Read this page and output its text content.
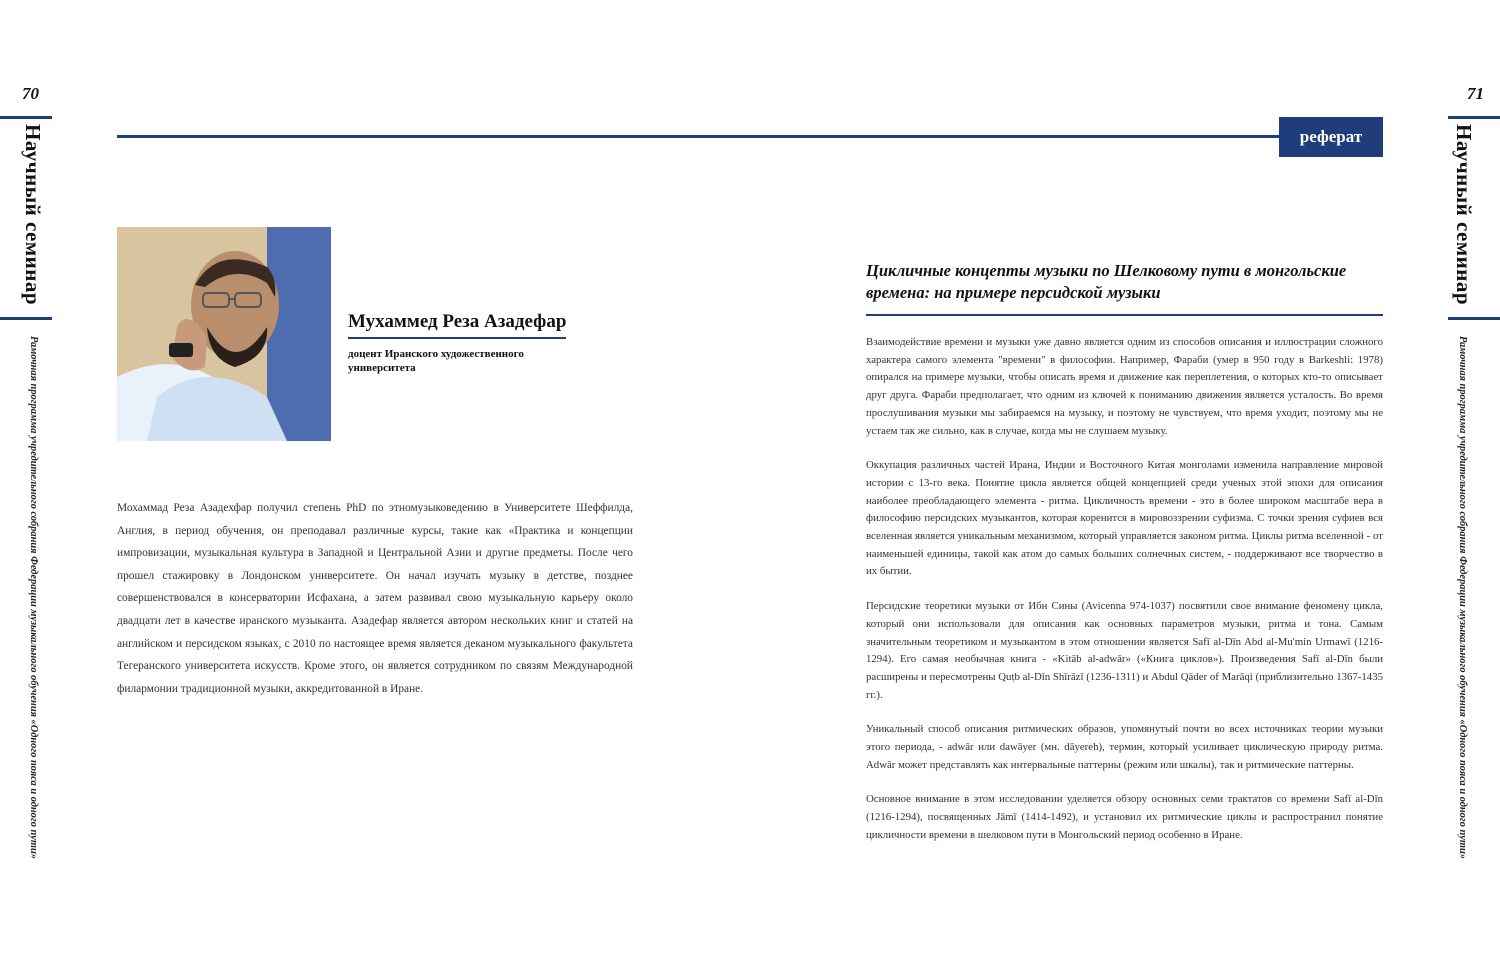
70
Научный семинар
Рамочная программа учредительного собрания Федерации музыкального обучения «Одного пояса и одного пути»
71
Научный семинар
Рамочная программа учредительного собрания Федерации музыкального обучения «Одного пояса и одного пути»
реферат
Мухаммед Реза Азадефар
доцент Иранского художественного университета
Мохаммад Реза Азадехфар получил степень PhD по этномузыковедению в Университете Шеффилда, Англия, в период обучения, он преподавал различные курсы, такие как «Практика и концепции импровизации, музыкальная культура в Западной и Центральной Азии и другие предметы. После чего прошел стажировку в Лондонском университете. Он начал изучать музыку в детстве, позднее совершенствовался в консерватории Исфахана, а затем развивал свою музыкальную карьеру около двадцати лет в качестве иранского музыканта. Азадефар является автором нескольких книг и статей на английском и персидском языках, с 2010 по настоящее время является деканом музыкального факультета Тегеранского университета искусств. Кроме этого, он является сотрудником по связям Международной филармонии традиционной музыки, аккредитованной в Иране.
Цикличные концепты музыки по Шелковому пути в монгольские времена: на примере персидской музыки

Взаимодействие времени и музыки уже давно является одним из способов описания и иллюстрации сложного характера самого элемента "времени" в философии. Например, Фараби (умер в 950 году в Barkeshli: 1978) опирался на примере музыки, чтобы описать время и движение как переплетения, о которых кто-то описывает друг друга. Фараби предполагает, что одним из ключей к пониманию движения является усталость. Во время прослушивания музыки мы забираемся на музыку, и поэтому не чувствуем, что время уходит, поэтому мы не устаем так же сильно, как в случае, когда мы не слушаем музыку.

Оккупация различных частей Ирана, Индии и Восточного Китая монголами изменила направление мировой истории с 13-го века. Понятие цикла является общей концепцией среди ученых этой эпохи для описания наиболее преобладающего элемента - ритма. Цикличность времени - это в более широком масштабе вера в философию персидских музыкантов, которая коренится в мировоззрении суфизма. С точки зрения суфиев вся вселенная является уникальным механизмом, который управляется законом ритма. Циклы ритма вселенной - от наименьшей единицы, такой как атом до самых больших солнечных систем, - поддерживают все творчество в их бытии.

Персидские теоретики музыки от Ибн Сины (Avicenna 974-1037) посвятили свое внимание феномену цикла, который они использовали для описания как основных параметров музыки, ритма и тона. Самым значительным теоретиком и музыкантом в этом отношении является Safī al-Dīn Abd al-Mu'min Urmawī (1216-1294). Его самая необычная книга - «Kitāb al-adwār» («Книга циклов»). Произведения Safī al-Dīn были расширены и пересмотрены Quṭb al-Dīn Shīrāzī (1236-1311) и Abdul Qāder of Marāqi (приблизительно 1367-1435 гг.).

Уникальный способ описания ритмических образов, упомянутый почти во всех источниках теории музыки этого периода, - adwār или dawāyer (мн. dāyereh), термин, который усиливает циклическую природу ритма. Adwār может представлять как интервальные паттерны (режим или шкалы), так и ритмические паттерны.

Основное внимание в этом исследовании уделяется обзору основных семи трактатов со времени Safī al-Dīn (1216-1294), посвященных Jāmī (1414-1492), и установил их ритмические циклы и распространил понятие цикличности времени в шелковом пути в Монгольский период особенно в Иране.
